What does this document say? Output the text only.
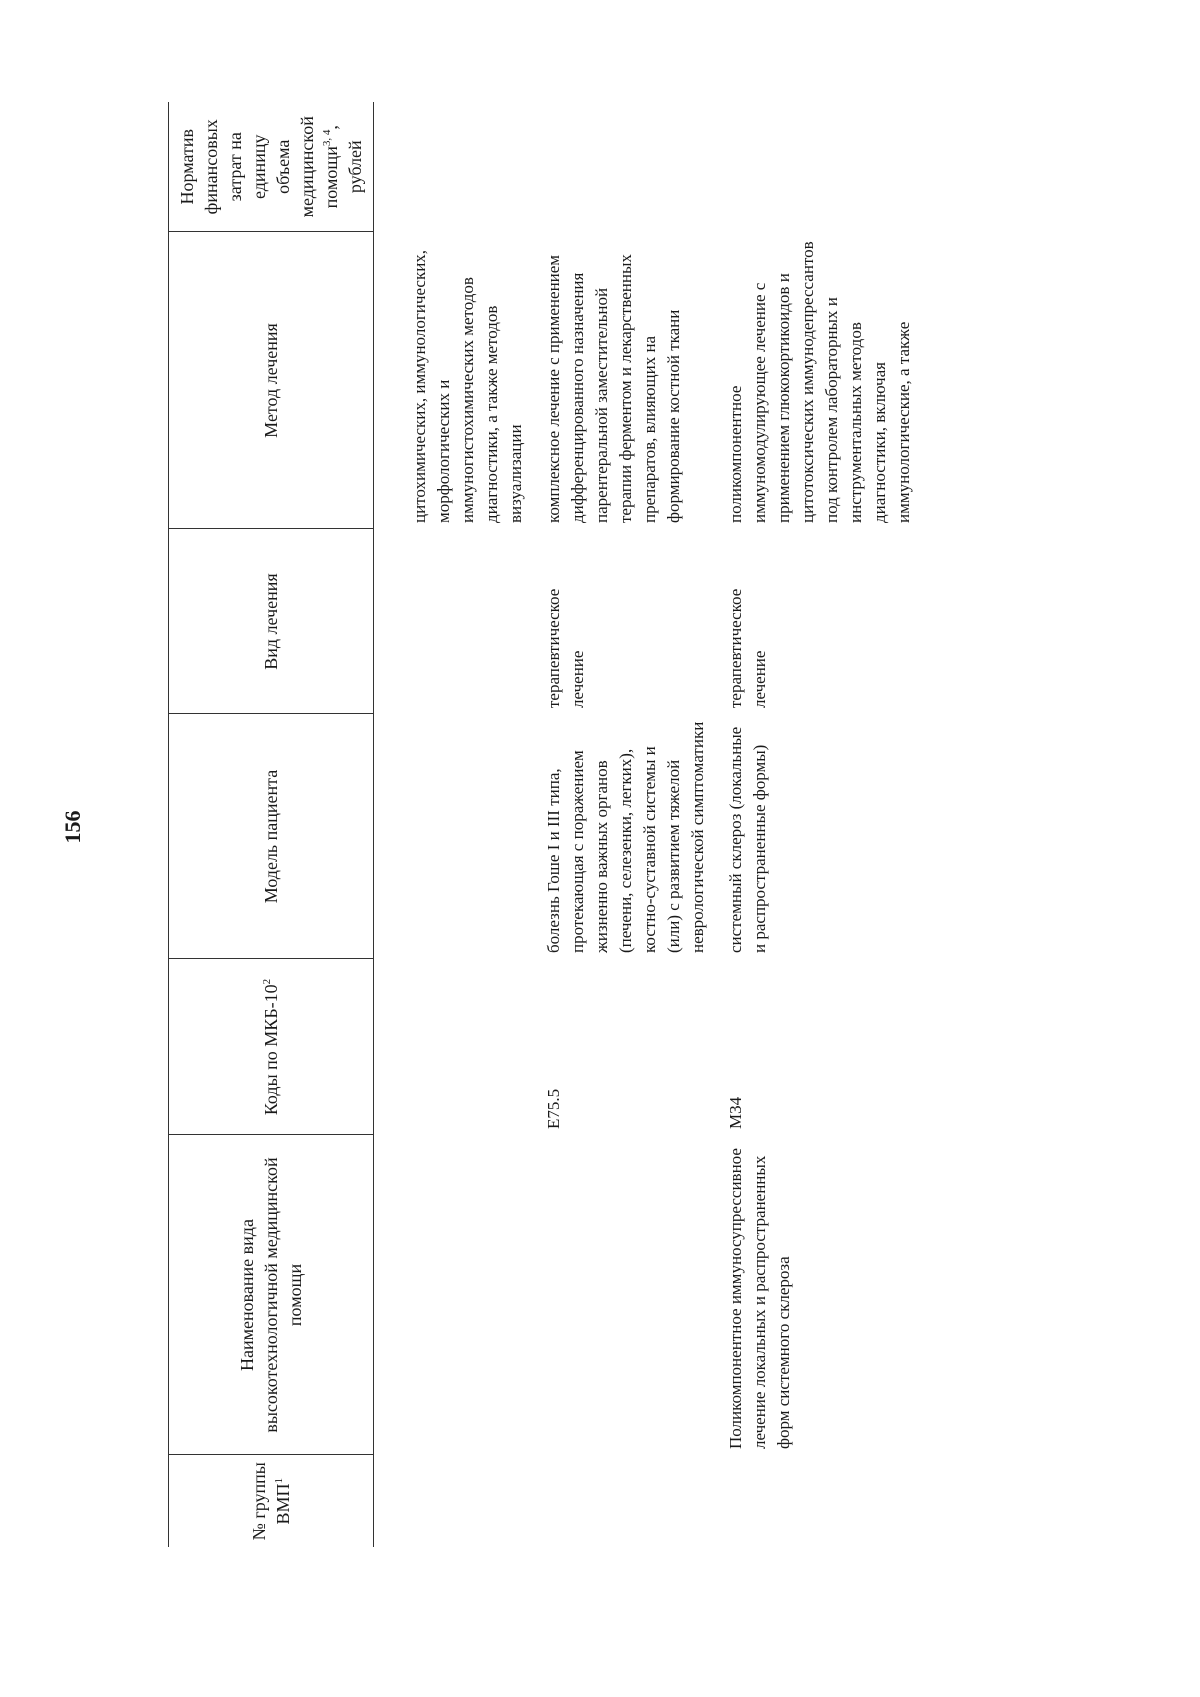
156
№ группы ВМП$^1$	Наименование вида высокотехнологичной медицинской помощи	Коды по МКБ-$10^2$	Модель пациента	Вид лечения	Метод лечения	Норматив финансовых затрат на единицу объема медицинской помощи$^{3, 4}$, рублей

					цитохимических, иммунологических, морфологических и иммуногистохимических методов диагностики, а также методов визуализации	
		E75.5	болезнь Гоше I и III типа, протекающая с поражением жизненно важных органов (печени, селезенки, легких), костно-суставной системы и (или) с развитием тяжелой неврологической симптоматики	терапевтическое лечение	комплексное лечение с применением дифференцированного назначения парентеральной заместительной терапии ферментом и лекарственных препаратов, влияющих на формирование костной ткани	
	Поликомпонентное иммуносупрессивное лечение локальных и распространенных форм системного склероза	M34	системный склероз (локальные и распространенные формы)	терапевтическое лечение	поликомпонентное иммуномодулирующее лечение с применением глюкокортикоидов и цитотоксических иммунодепрессантов под контролем лабораторных и инструментальных методов диагностики, включая иммунологические, а также	
